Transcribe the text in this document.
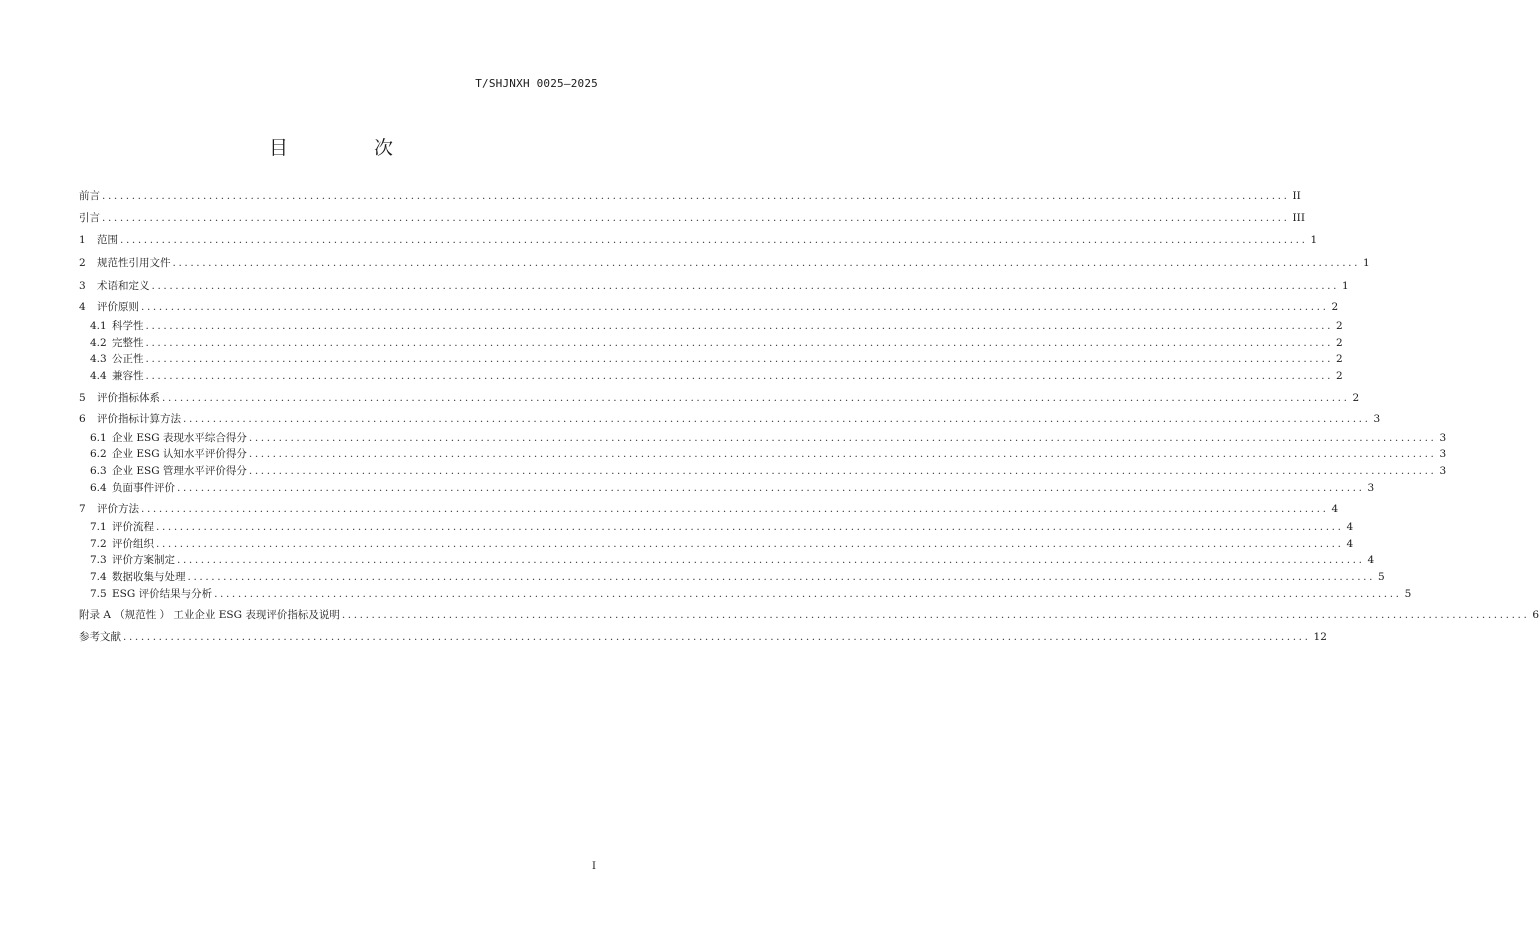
T/SHJNXH 0025—2025
目 次
前言 ........................................................................................................................................................................................................ II
引言 ........................................................................................................................................................................................................ III
1 范围 ........................................................................................................................................................................................................ 1
2 规范性引用文件 ........................................................................................................................................................................................................ 1
3 术语和定义 ........................................................................................................................................................................................................ 1
4 评价原则 ........................................................................................................................................................................................................ 2
4.1 科学性 ........................................................................................................................................................................................................ 2
4.2 完整性 ........................................................................................................................................................................................................ 2
4.3 公正性 ........................................................................................................................................................................................................ 2
4.4 兼容性 ........................................................................................................................................................................................................ 2
5 评价指标体系 ........................................................................................................................................................................................................ 2
6 评价指标计算方法 ........................................................................................................................................................................................................ 3
6.1 企业 ESG 表现水平综合得分 ........................................................................................................................................................................................................ 3
6.2 企业 ESG 认知水平评价得分 ........................................................................................................................................................................................................ 3
6.3 企业 ESG 管理水平评价得分 ........................................................................................................................................................................................................ 3
6.4 负面事件评价 ........................................................................................................................................................................................................ 3
7 评价方法 ........................................................................................................................................................................................................ 4
7.1 评价流程 ........................................................................................................................................................................................................ 4
7.2 评价组织 ........................................................................................................................................................................................................ 4
7.3 评价方案制定 ........................................................................................................................................................................................................ 4
7.4 数据收集与处理 ........................................................................................................................................................................................................ 5
7.5 ESG 评价结果与分析 ........................................................................................................................................................................................................ 5
附录 A （规范性 ） 工业企业 ESG 表现评价指标及说明 ........................................................................................................................................................................................................ 6
参考文献 ........................................................................................................................................................................................................ 12
I
